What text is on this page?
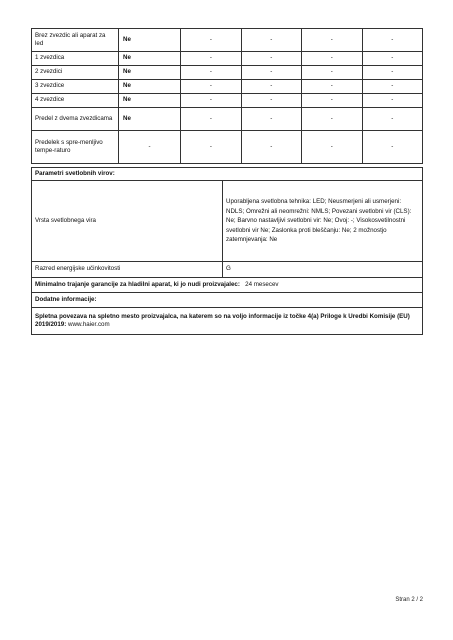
Brez zvezdic ali aparat za led	Ne	-	-	-	-
1 zvezdica	Ne	-	-	-	-
2 zvezdici	Ne	-	-	-	-
3 zvezdice	Ne	-	-	-	-
4 zvezdice	Ne	-	-	-	-
Predel z dvema zvezdicama	Ne	-	-	-	-
Predelek s spre-menljivo tempe-raturo	-	-	-	-	-
Parametri svetlobnih virov:	
Vrsta svetlobnega vira	Uporabljena svetlobna tehnika: LED; Neusmerjeni ali usmerjeni: NDLS; Omrežni ali neomrežni: NMLS; Povezani svetlobni vir (CLS): Ne; Barvno nastavljivi svetlobni vir: Ne; Ovoj: -; Visokosvetilnostni svetlobni vir Ne; Zaslonka proti bleščanju: Ne; 2 možnostjo zatemnjevanja: Ne

Razred energijske učinkovitosti	G
Minimalno trajanje garancije za hladilni aparat, ki jo nudi proizvajalec: 24 mesecev	
Dodatne informacije:	
Spletna povezava na spletno mesto proizvajalca, na katerem so na voljo informacije iz točke 4(a) Priloge k Uredbi Komisije (EU) 2019/2019: www.haier.com	
Stran 2 / 2
